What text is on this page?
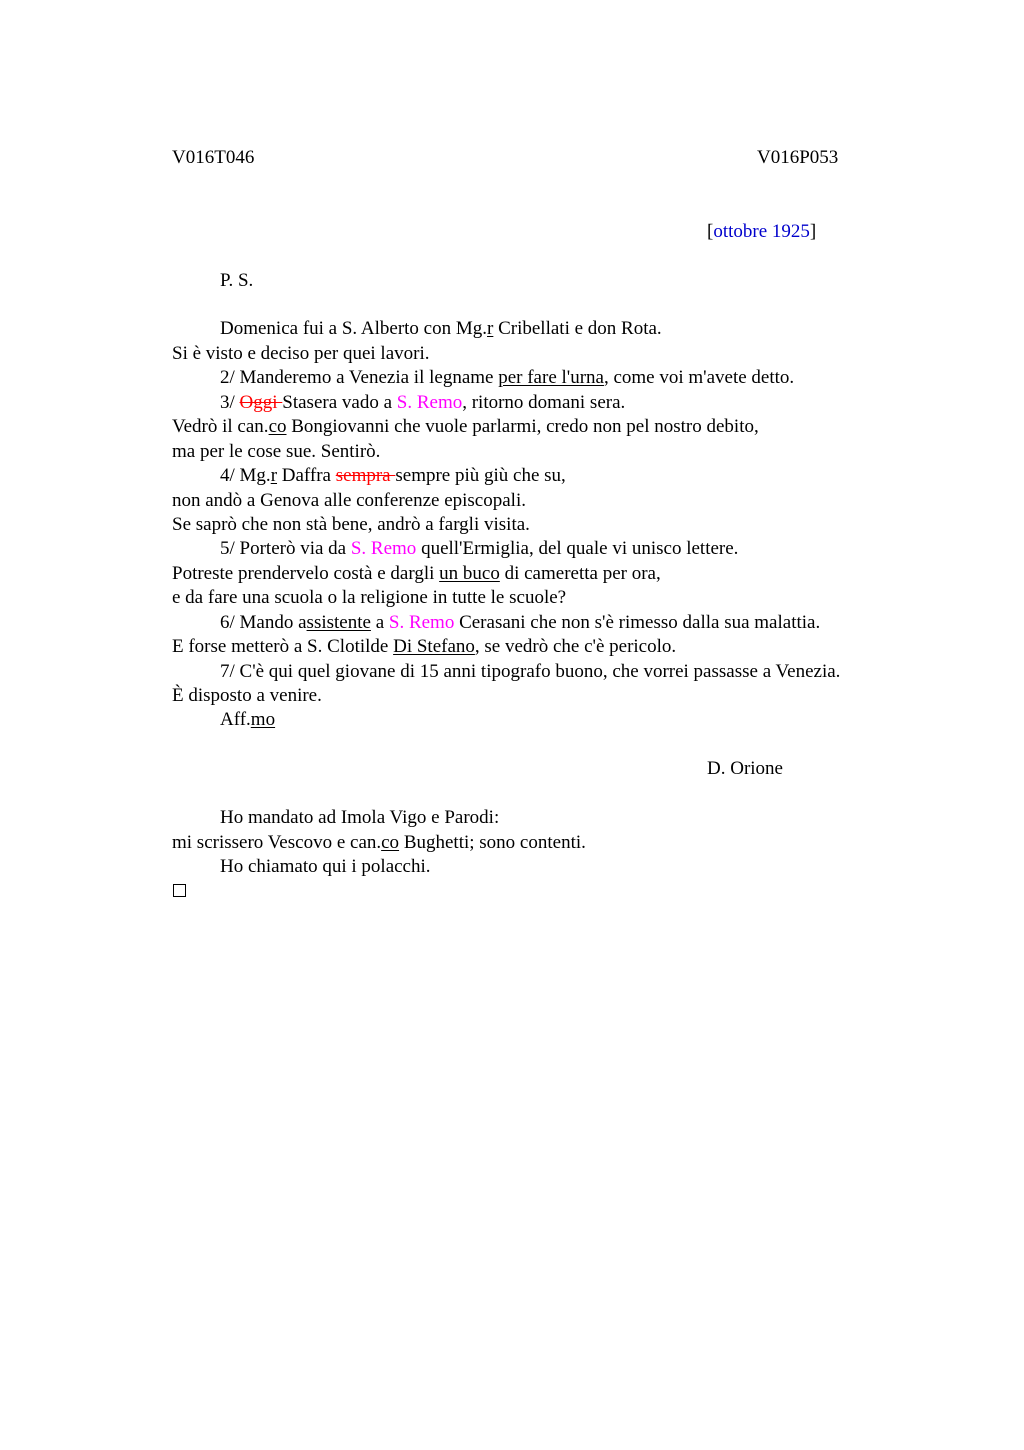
V016T046	V016P053
[ottobre 1925]
P. S.
Domenica fui a S. Alberto con Mg.r Cribellati e don Rota.
Si è visto e deciso per quei lavori.
2/ Manderemo a Venezia il legname per fare l'urna, come voi m'avete detto.
3/ Oggi Stasera vado a S. Remo, ritorno domani sera.
Vedrò il can.co Bongiovanni che vuole parlarmi, credo non pel nostro debito,
ma per le cose sue. Sentirò.
4/ Mg.r Daffra sempra sempre più giù che su,
non andò a Genova alle conferenze episcopali.
Se saprò che non stà bene, andrò a fargli visita.
5/ Porterò via da S. Remo quell'Ermiglia, del quale vi unisco lettere.
Potreste prendervelo costà e dargli un buco di cameretta per ora,
e da fare una scuola o la religione in tutte le scuole?
6/ Mando assistente a S. Remo Cerasani che non s'è rimesso dalla sua malattia.
E forse metterò a S. Clotilde Di Stefano, se vedrò che c'è pericolo.
7/ C'è qui quel giovane di 15 anni tipografo buono, che vorrei passasse a Venezia.
È disposto a venire.
Aff.mo
D. Orione
Ho mandato ad Imola Vigo e Parodi:
mi scrissero Vescovo e can.co Bughetti; sono contenti.
Ho chiamato qui i polacchi.
